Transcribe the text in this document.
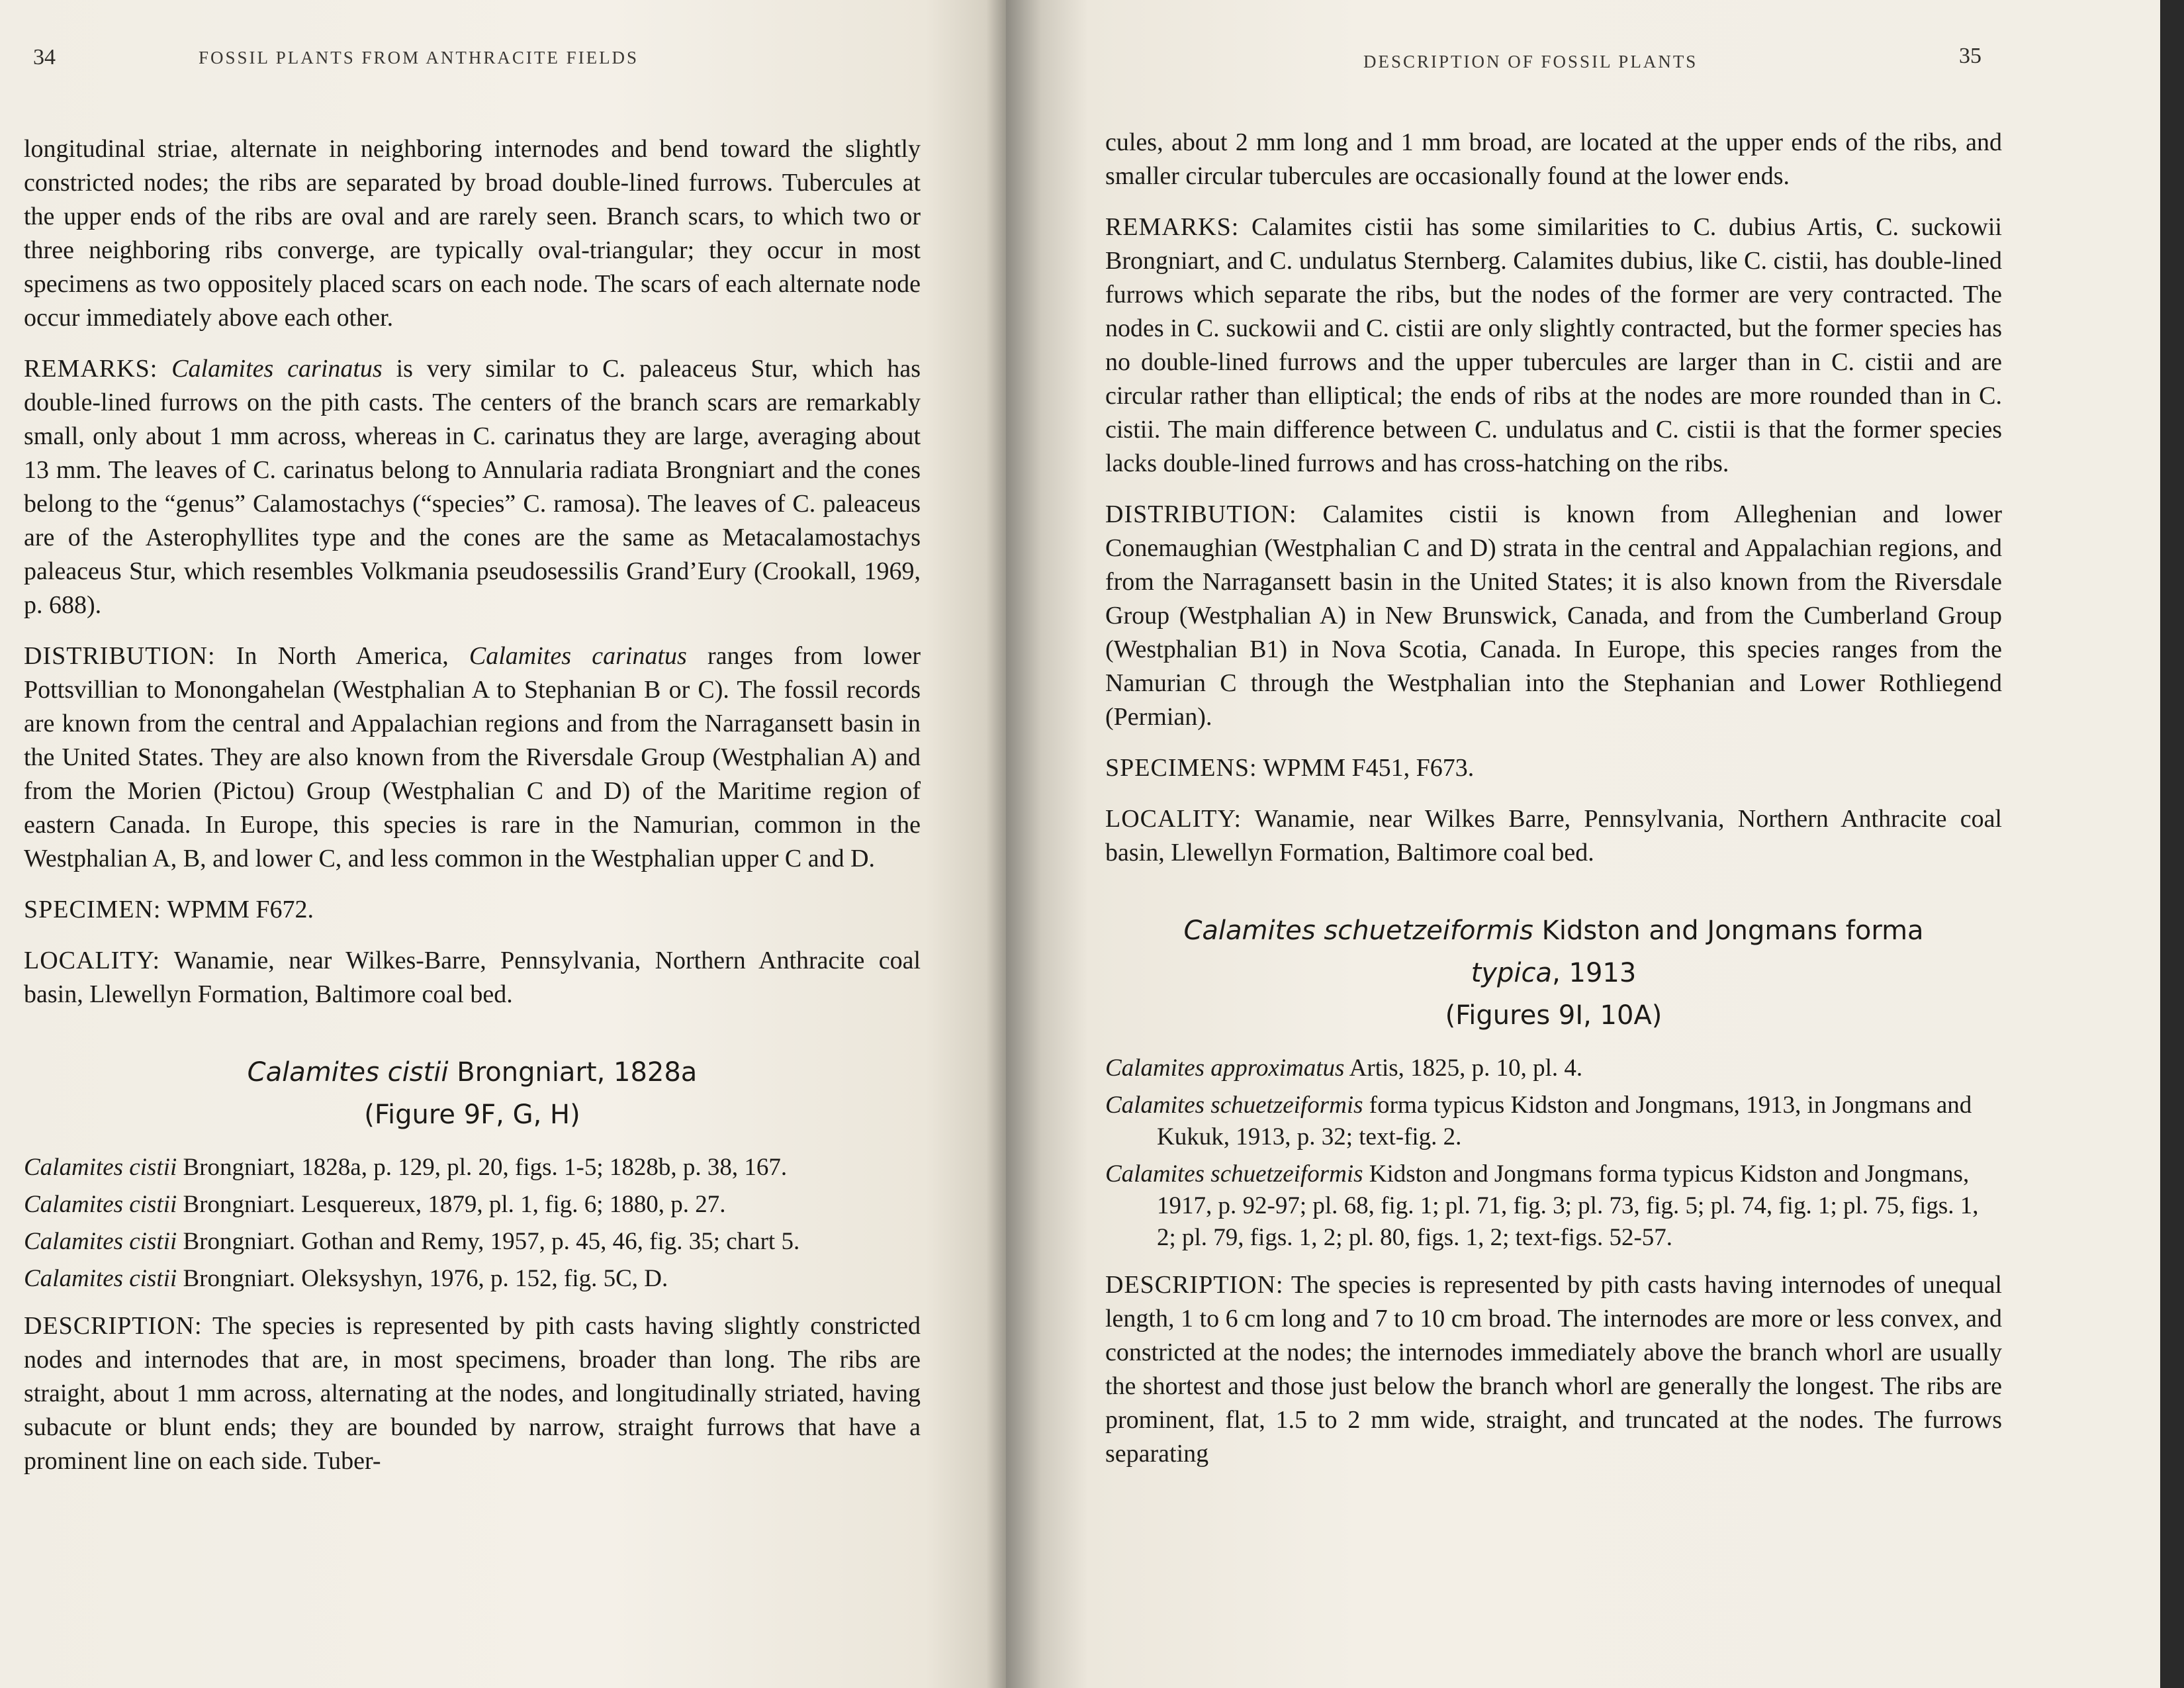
34	FOSSIL PLANTS FROM ANTHRACITE FIELDS

longitudinal striae, alternate in neighboring internodes and bend toward the slightly constricted nodes; the ribs are separated by broad double-lined furrows. Tubercules at the upper ends of the ribs are oval and are rarely seen. Branch scars, to which two or three neighboring ribs converge, are typically oval-triangular; they occur in most specimens as two oppositely placed scars on each node. The scars of each alternate node occur immediately above each other.

REMARKS: Calamites carinatus is very similar to C. paleaceus Stur, which has double-lined furrows on the pith casts. The centers of the branch scars are remarkably small, only about 1 mm across, whereas in C. carinatus they are large, averaging about 13 mm. The leaves of C. carinatus belong to Annularia radiata Brongniart and the cones belong to the “genus” Calamostachys (“species” C. ramosa). The leaves of C. paleaceus are of the Asterophyllites type and the cones are the same as Metacalamostachys paleaceus Stur, which resembles Volkmania pseudosessilis Grand’Eury (Crookall, 1969, p. 688).

DISTRIBUTION: In North America, Calamites carinatus ranges from lower Pottsvillian to Monongahelan (Westphalian A to Stephanian B or C). The fossil records are known from the central and Appalachian regions and from the Narragansett basin in the United States. They are also known from the Riversdale Group (Westphalian A) and from the Morien (Pictou) Group (Westphalian C and D) of the Maritime region of eastern Canada. In Europe, this species is rare in the Namurian, common in the Westphalian A, B, and lower C, and less common in the Westphalian upper C and D.

SPECIMEN: WPMM F672.

LOCALITY: Wanamie, near Wilkes-Barre, Pennsylvania, Northern Anthracite coal basin, Llewellyn Formation, Baltimore coal bed.

Calamites cistii Brongniart, 1828a
(Figure 9F, G, H)

Calamites cistii Brongniart, 1828a, p. 129, pl. 20, figs. 1-5; 1828b, p. 38, 167.

Calamites cistii Brongniart. Lesquereux, 1879, pl. 1, fig. 6; 1880, p. 27.

Calamites cistii Brongniart. Gothan and Remy, 1957, p. 45, 46, fig. 35; chart 5.

Calamites cistii Brongniart. Oleksyshyn, 1976, p. 152, fig. 5C, D.

DESCRIPTION: The species is represented by pith casts having slightly constricted nodes and internodes that are, in most specimens, broader than long. The ribs are straight, about 1 mm across, alternating at the nodes, and longitudinally striated, having subacute or blunt ends; they are bounded by narrow, straight furrows that have a prominent line on each side. Tuber-

DESCRIPTION OF FOSSIL PLANTS	35

cules, about 2 mm long and 1 mm broad, are located at the upper ends of the ribs, and smaller circular tubercules are occasionally found at the lower ends.

REMARKS: Calamites cistii has some similarities to C. dubius Artis, C. suckowii Brongniart, and C. undulatus Sternberg. Calamites dubius, like C. cistii, has double-lined furrows which separate the ribs, but the nodes of the former are very contracted. The nodes in C. suckowii and C. cistii are only slightly contracted, but the former species has no double-lined furrows and the upper tubercules are larger than in C. cistii and are circular rather than elliptical; the ends of ribs at the nodes are more rounded than in C. cistii. The main difference between C. undulatus and C. cistii is that the former species lacks double-lined furrows and has cross-hatching on the ribs.

DISTRIBUTION: Calamites cistii is known from Alleghenian and lower Conemaughian (Westphalian C and D) strata in the central and Appalachian regions, and from the Narragansett basin in the United States; it is also known from the Riversdale Group (Westphalian A) in New Brunswick, Canada, and from the Cumberland Group (Westphalian B1) in Nova Scotia, Canada. In Europe, this species ranges from the Namurian C through the Westphalian into the Stephanian and Lower Rothliegend (Permian).

SPECIMENS: WPMM F451, F673.

LOCALITY: Wanamie, near Wilkes Barre, Pennsylvania, Northern Anthracite coal basin, Llewellyn Formation, Baltimore coal bed.

Calamites schuetzeiformis Kidston and Jongmans forma
typica, 1913
(Figures 9I, 10A)

Calamites approximatus Artis, 1825, p. 10, pl. 4.

Calamites schuetzeiformis forma typicus Kidston and Jongmans, 1913, in Jongmans and Kukuk, 1913, p. 32; text-fig. 2.

Calamites schuetzeiformis Kidston and Jongmans forma typicus Kidston and Jongmans, 1917, p. 92-97; pl. 68, fig. 1; pl. 71, fig. 3; pl. 73, fig. 5; pl. 74, fig. 1; pl. 75, figs. 1, 2; pl. 79, figs. 1, 2; pl. 80, figs. 1, 2; text-figs. 52-57.

DESCRIPTION: The species is represented by pith casts having internodes of unequal length, 1 to 6 cm long and 7 to 10 cm broad. The internodes are more or less convex, and constricted at the nodes; the internodes immediately above the branch whorl are usually the shortest and those just below the branch whorl are generally the longest. The ribs are prominent, flat, 1.5 to 2 mm wide, straight, and truncated at the nodes. The furrows separating
